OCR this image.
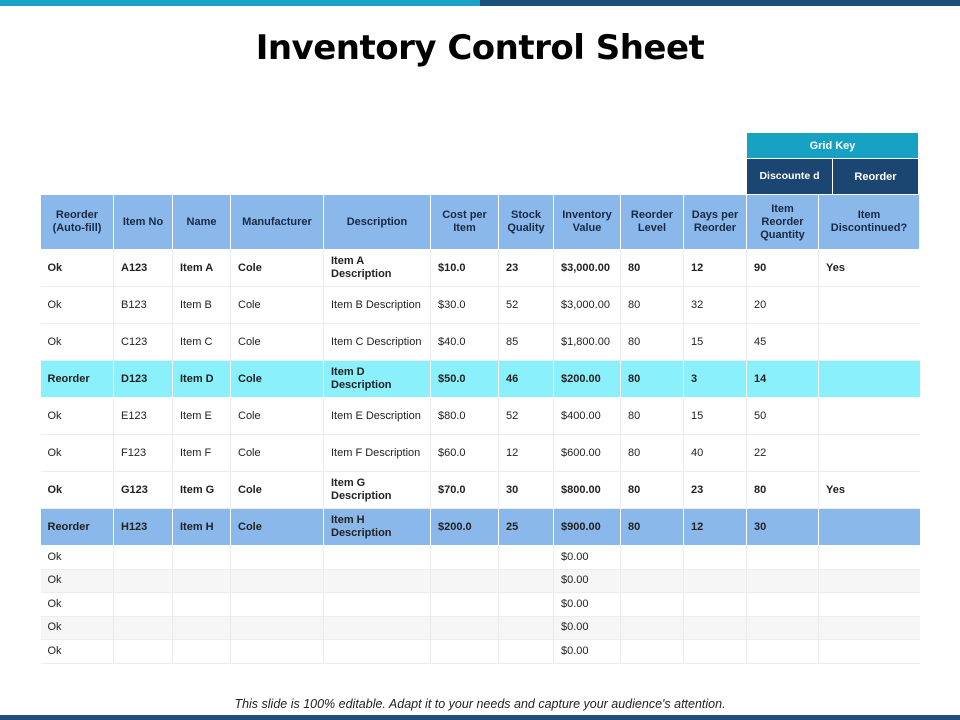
Inventory Control Sheet
Grid Key
Discounte d	Reorder
Reorder (Auto-fill)	Item No	Name	Manufacturer	Description	Cost per Item	Stock Quality	Inventory Value	Reorder Level	Days per Reorder	Item Reorder Quantity	Item Discontinued?
Ok	A123	Item A	Cole	Item A Description	$10.0	23	$3,000.00	80	12	90	Yes
Ok	B123	Item B	Cole	Item B Description	$30.0	52	$3,000.00	80	32	20	
Ok	C123	Item C	Cole	Item C Description	$40.0	85	$1,800.00	80	15	45	
Reorder	D123	Item D	Cole	Item D Description	$50.0	46	$200.00	80	3	14	
Ok	E123	Item E	Cole	Item E Description	$80.0	52	$400.00	80	15	50	
Ok	F123	Item F	Cole	Item F Description	$60.0	12	$600.00	80	40	22	
Ok	G123	Item G	Cole	Item G Description	$70.0	30	$800.00	80	23	80	Yes
Reorder	H123	Item H	Cole	Item H Description	$200.0	25	$900.00	80	12	30	
Ok							$0.00				
Ok							$0.00				
Ok							$0.00				
Ok							$0.00				
Ok							$0.00				
This slide is 100% editable. Adapt it to your needs and capture your audience's attention.
